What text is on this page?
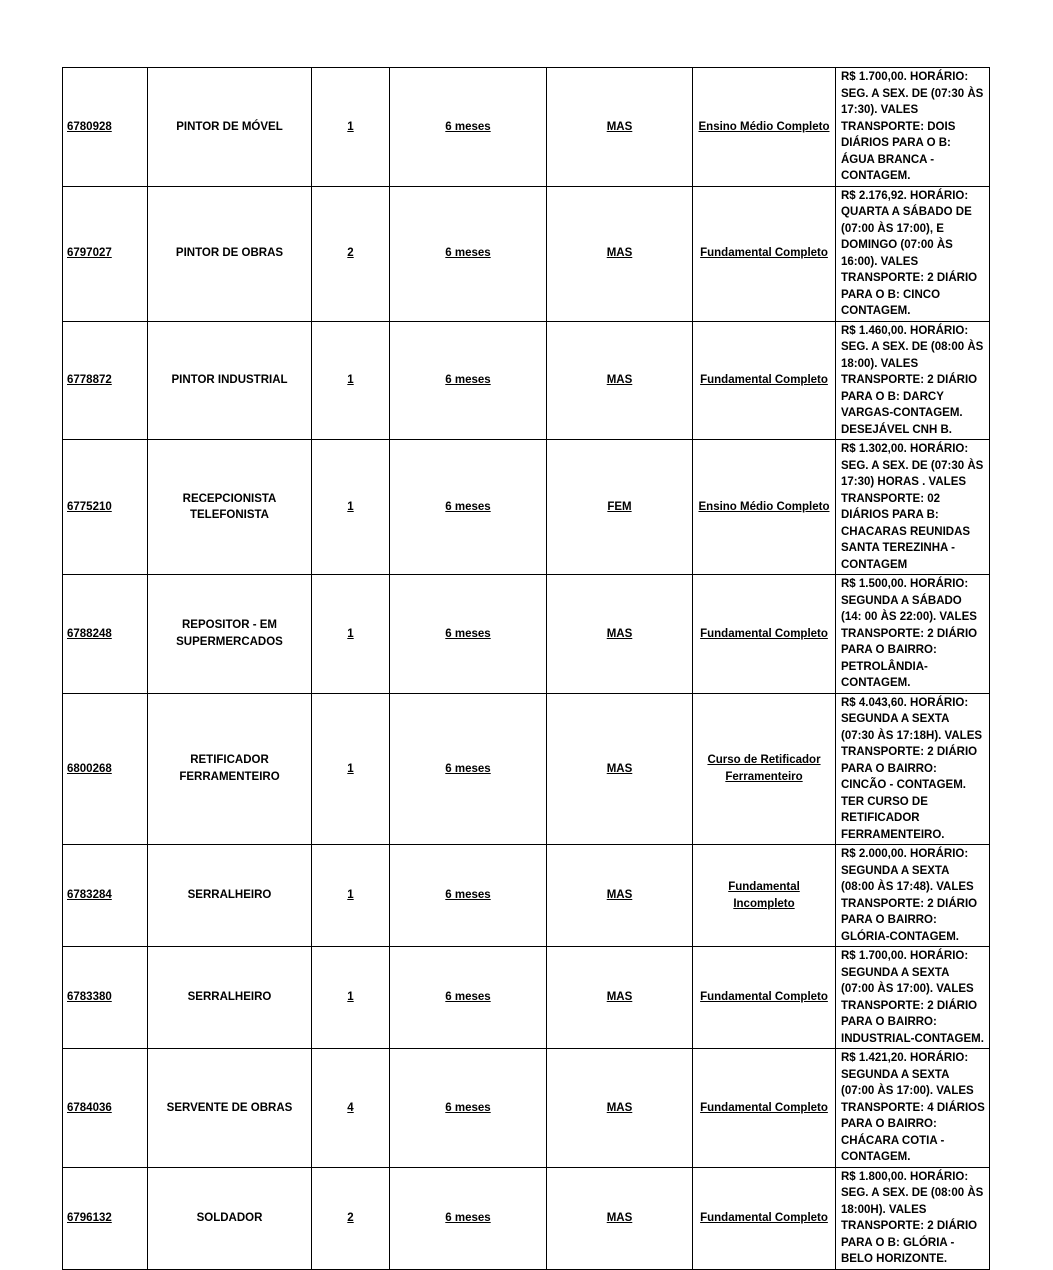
6780928	PINTOR DE MÓVEL	1	6 meses	MAS	Ensino Médio Completo	R$ 1.700,00. HORÁRIO: SEG. A SEX. DE (07:30 ÀS 17:30). VALES TRANSPORTE: DOIS DIÁRIOS PARA O B: ÁGUA BRANCA - CONTAGEM.

6797027	PINTOR DE OBRAS	2	6 meses	MAS	Fundamental Completo	R$ 2.176,92. HORÁRIO: QUARTA A SÁBADO DE (07:00 ÀS 17:00), E DOMINGO (07:00 ÀS 16:00). VALES TRANSPORTE: 2 DIÁRIO PARA O B: CINCO CONTAGEM.

6778872	PINTOR INDUSTRIAL	1	6 meses	MAS	Fundamental Completo	R$ 1.460,00. HORÁRIO: SEG. A SEX. DE (08:00 ÀS 18:00). VALES TRANSPORTE: 2 DIÁRIO PARA O B: DARCY VARGAS-CONTAGEM. DESEJÁVEL CNH B.

6775210	RECEPCIONISTA TELEFONISTA	1	6 meses	FEM	Ensino Médio Completo	R$ 1.302,00. HORÁRIO: SEG. A SEX. DE (07:30 ÀS 17:30) HORAS . VALES TRANSPORTE: 02 DIÁRIOS PARA B: CHACARAS REUNIDAS SANTA TEREZINHA - CONTAGEM

6788248	REPOSITOR - EM SUPERMERCADOS	1	6 meses	MAS	Fundamental Completo	R$ 1.500,00. HORÁRIO: SEGUNDA A SÁBADO (14: 00 ÀS 22:00). VALES TRANSPORTE: 2 DIÁRIO PARA O BAIRRO: PETROLÂNDIA-CONTAGEM.

6800268	RETIFICADOR FERRAMENTEIRO	1	6 meses	MAS	Curso de Retificador Ferramenteiro	R$ 4.043,60. HORÁRIO: SEGUNDA A SEXTA (07:30 ÀS 17:18H). VALES TRANSPORTE: 2 DIÁRIO PARA O BAIRRO: CINCÃO - CONTAGEM. TER CURSO DE RETIFICADOR FERRAMENTEIRO.

6783284	SERRALHEIRO	1	6 meses	MAS	Fundamental Incompleto	R$ 2.000,00. HORÁRIO: SEGUNDA A SEXTA (08:00 ÀS 17:48). VALES TRANSPORTE: 2 DIÁRIO PARA O BAIRRO: GLÓRIA-CONTAGEM.

6783380	SERRALHEIRO	1	6 meses	MAS	Fundamental Completo	R$ 1.700,00. HORÁRIO: SEGUNDA A SEXTA (07:00 ÀS 17:00). VALES TRANSPORTE: 2 DIÁRIO PARA O BAIRRO: INDUSTRIAL-CONTAGEM.

6784036	SERVENTE DE OBRAS	4	6 meses	MAS	Fundamental Completo	R$ 1.421,20. HORÁRIO: SEGUNDA A SEXTA (07:00 ÀS 17:00). VALES TRANSPORTE: 4 DIÁRIOS PARA O BAIRRO: CHÁCARA COTIA - CONTAGEM.

6796132	SOLDADOR	2	6 meses	MAS	Fundamental Completo	R$ 1.800,00. HORÁRIO: SEG. A SEX. DE (08:00 ÀS 18:00H). VALES TRANSPORTE: 2 DIÁRIO PARA O B: GLÓRIA - BELO HORIZONTE.
